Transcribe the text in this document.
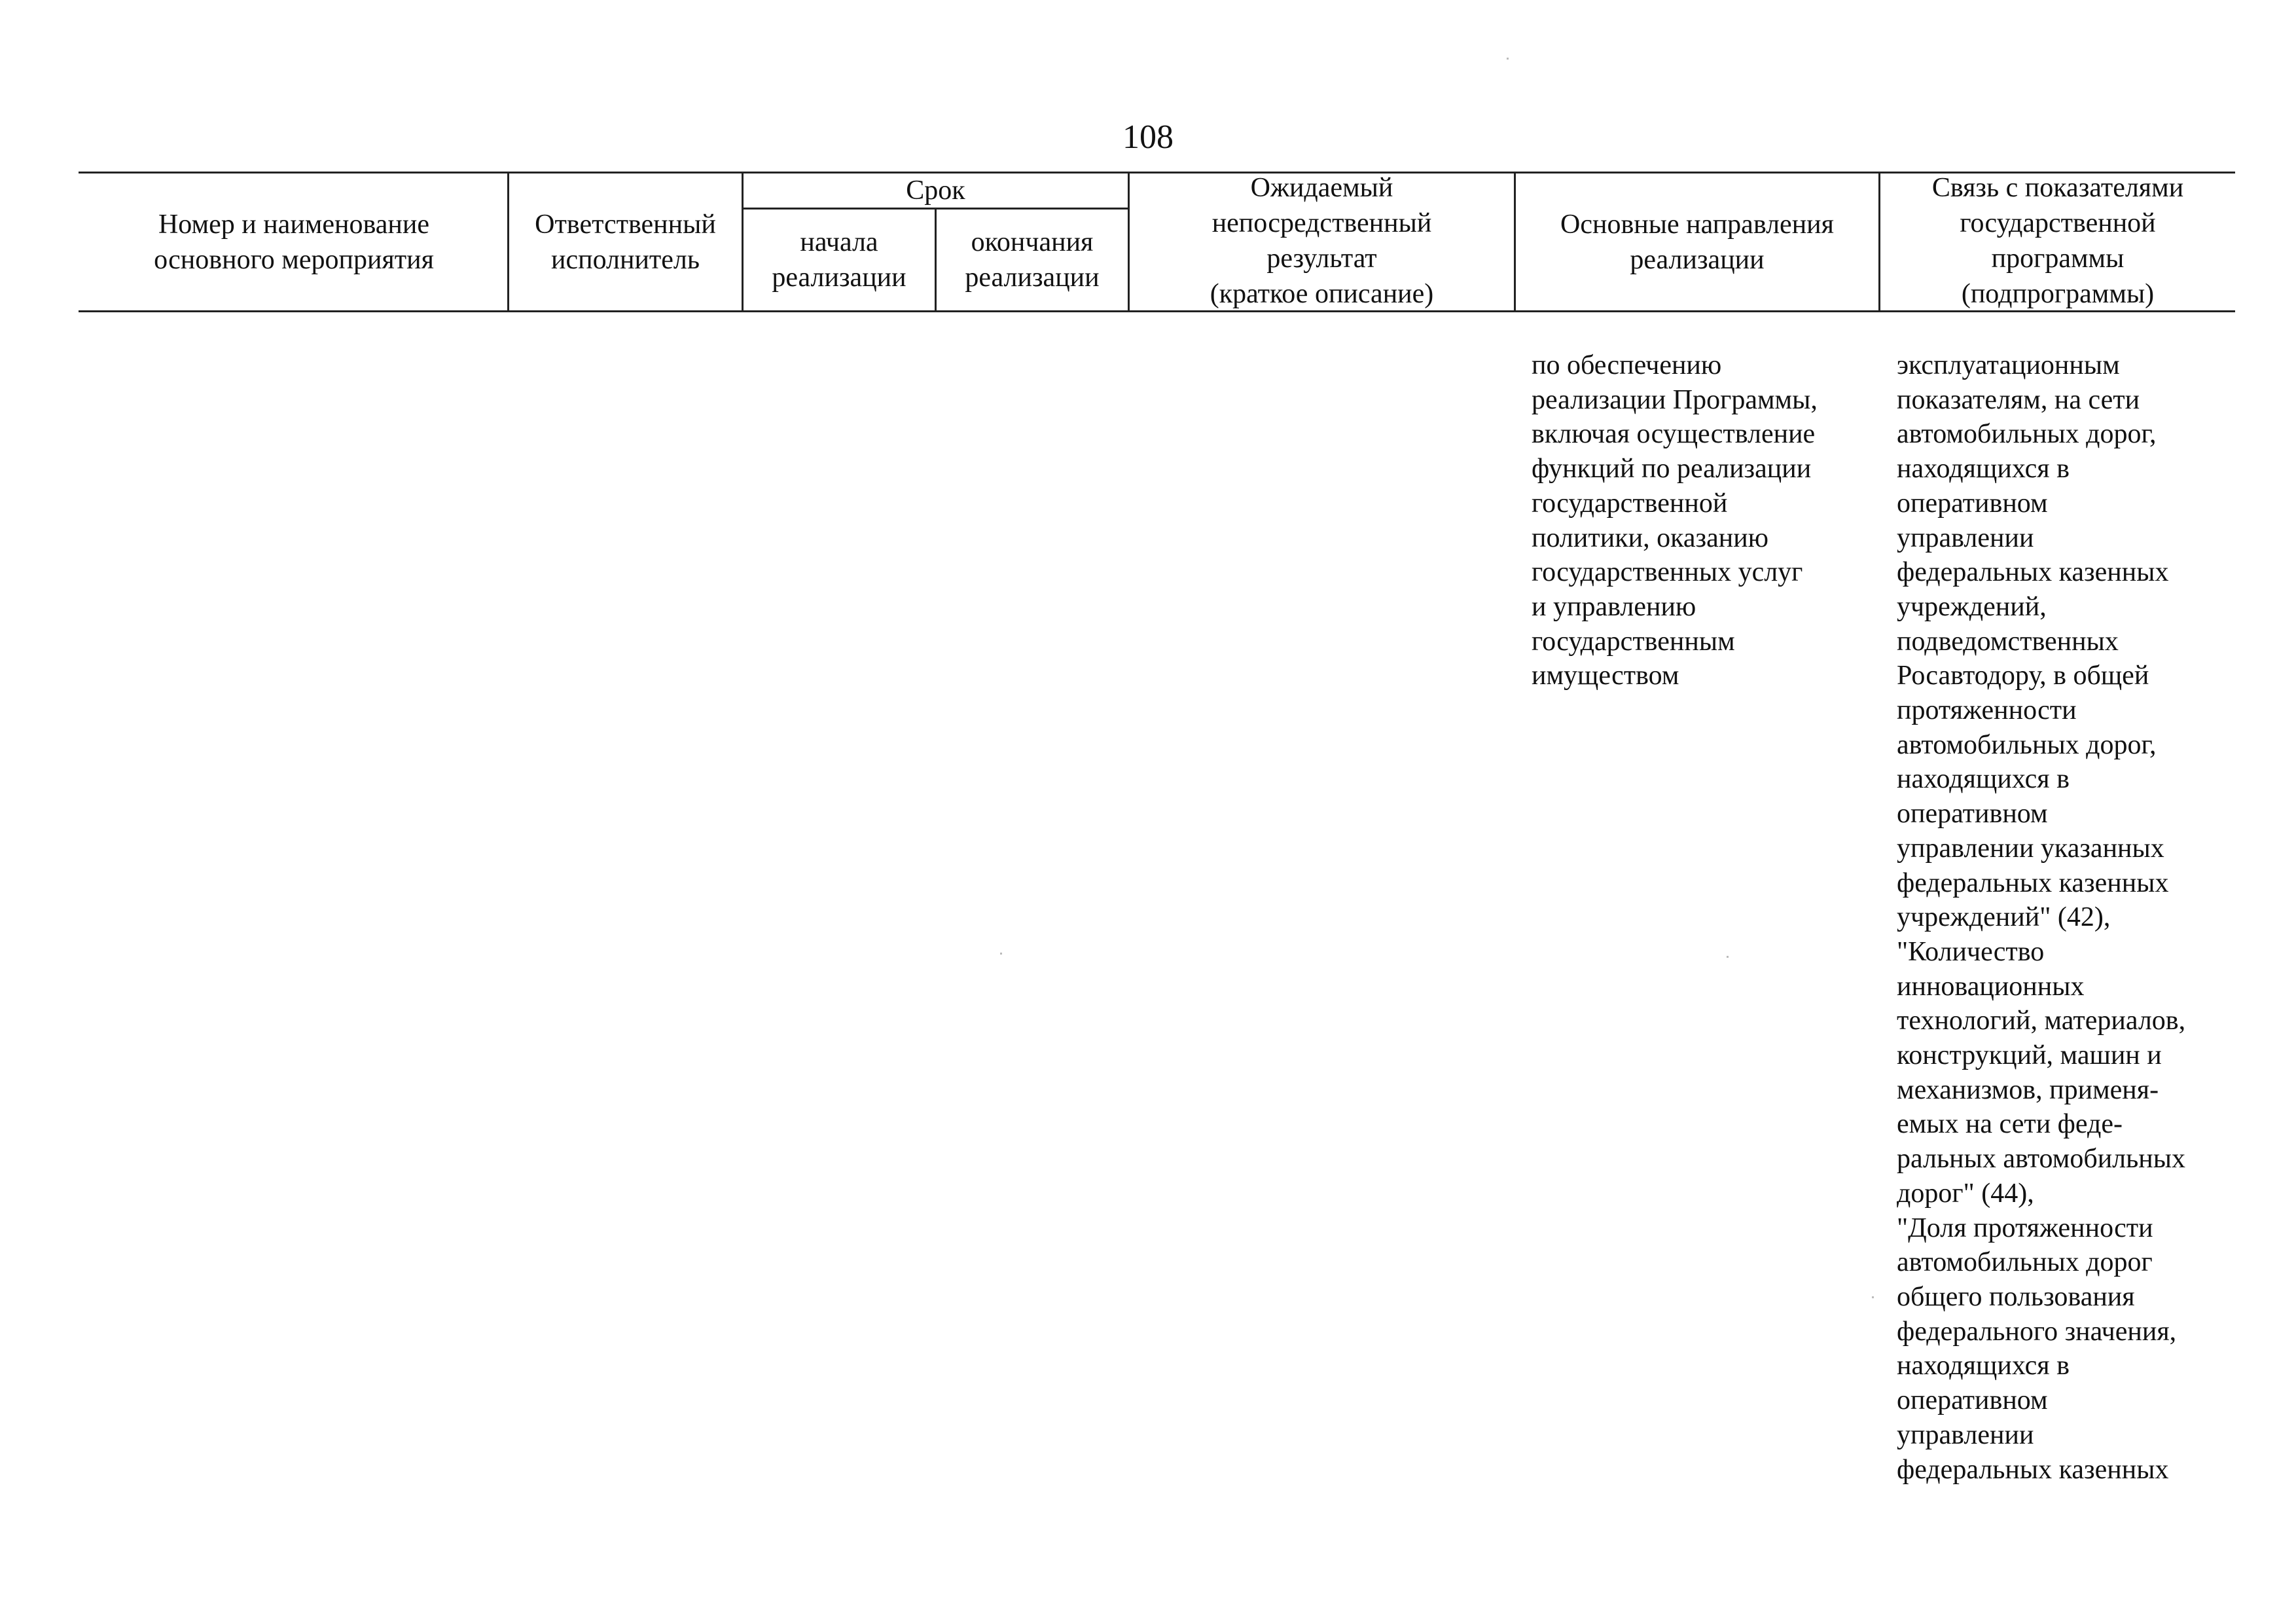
108
Номер и наименование
основного мероприятия
Ответственный
исполнитель
Срок
начала
реализации
окончания
реализации
Ожидаемый
непосредственный
результат
(краткое описание)
Основные направления
реализации
Связь с показателями
государственной
программы
(подпрограммы)
по обеспечению
реализации Программы,
включая осуществление
функций по реализации
государственной
политики, оказанию
государственных услуг
и управлению
государственным
имуществом
эксплуатационным
показателям, на сети
автомобильных дорог,
находящихся в
оперативном
управлении
федеральных казенных
учреждений,
подведомственных
Росавтодору, в общей
протяженности
автомобильных дорог,
находящихся в
оперативном
управлении указанных
федеральных казенных
учреждений" (42),
"Количество
инновационных
технологий, материалов,
конструкций, машин и
механизмов, применя-
емых на сети феде-
ральных автомобильных
дорог" (44),
"Доля протяженности
автомобильных дорог
общего пользования
федерального значения,
находящихся в
оперативном
управлении
федеральных казенных
